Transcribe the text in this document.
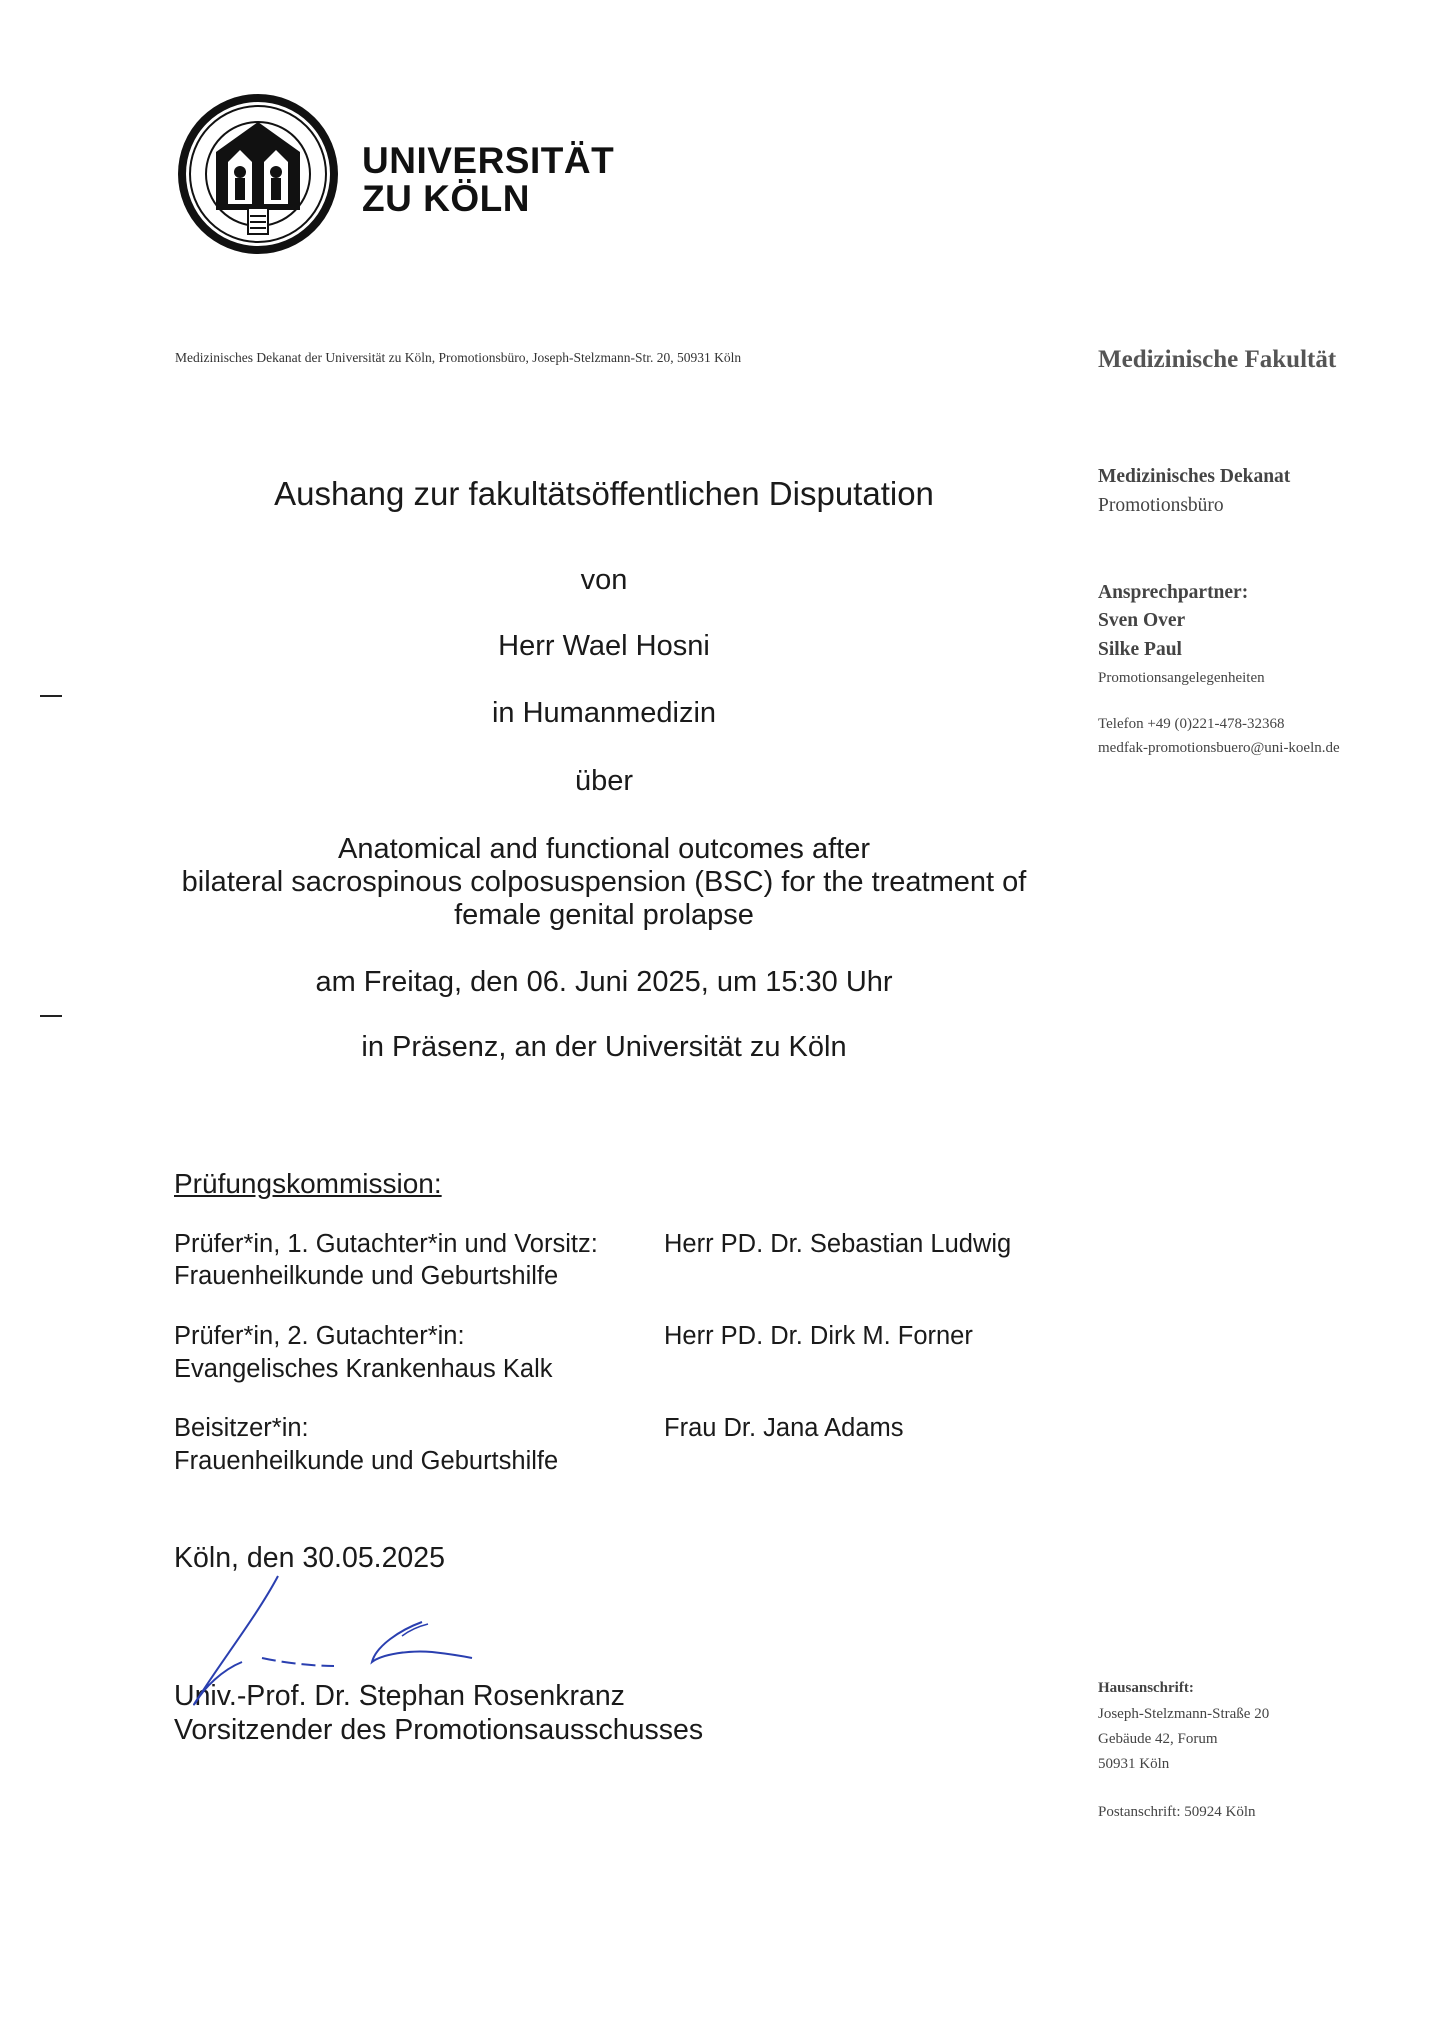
UNIVERSITÄT
ZU KÖLN
Medizinisches Dekanat der Universität zu Köln, Promotionsbüro, Joseph-Stelzmann-Str. 20, 50931 Köln	Medizinische Fakultät
Medizinisches Dekanat
Promotionsbüro
Ansprechpartner:
Sven Over
Silke Paul
Promotionsangelegenheiten
Telefon +49 (0)221-478-32368
medfak-promotionsbuero@uni-koeln.de
Hausanschrift:
Joseph-Stelzmann-Straße 20
Gebäude 42, Forum
50931 Köln
Postanschrift: 50924 Köln
Aushang zur fakultätsöffentlichen Disputation
von
Herr Wael Hosni
in Humanmedizin
über
Anatomical and functional outcomes after
bilateral sacrospinous colposuspension (BSC) for the treatment of
female genital prolapse
am Freitag, den 06. Juni 2025, um 15:30 Uhr
in Präsenz, an der Universität zu Köln
Prüfungskommission:
Prüfer*in, 1. Gutachter*in und Vorsitz:
Frauenheilkunde und Geburtshilfe
Herr PD. Dr. Sebastian Ludwig
Prüfer*in, 2. Gutachter*in:
Evangelisches Krankenhaus Kalk
Herr PD. Dr. Dirk M. Forner
Beisitzer*in:
Frauenheilkunde und Geburtshilfe
Frau Dr. Jana Adams
Köln, den 30.05.2025
Univ.-Prof. Dr. Stephan Rosenkranz
Vorsitzender des Promotionsausschusses
